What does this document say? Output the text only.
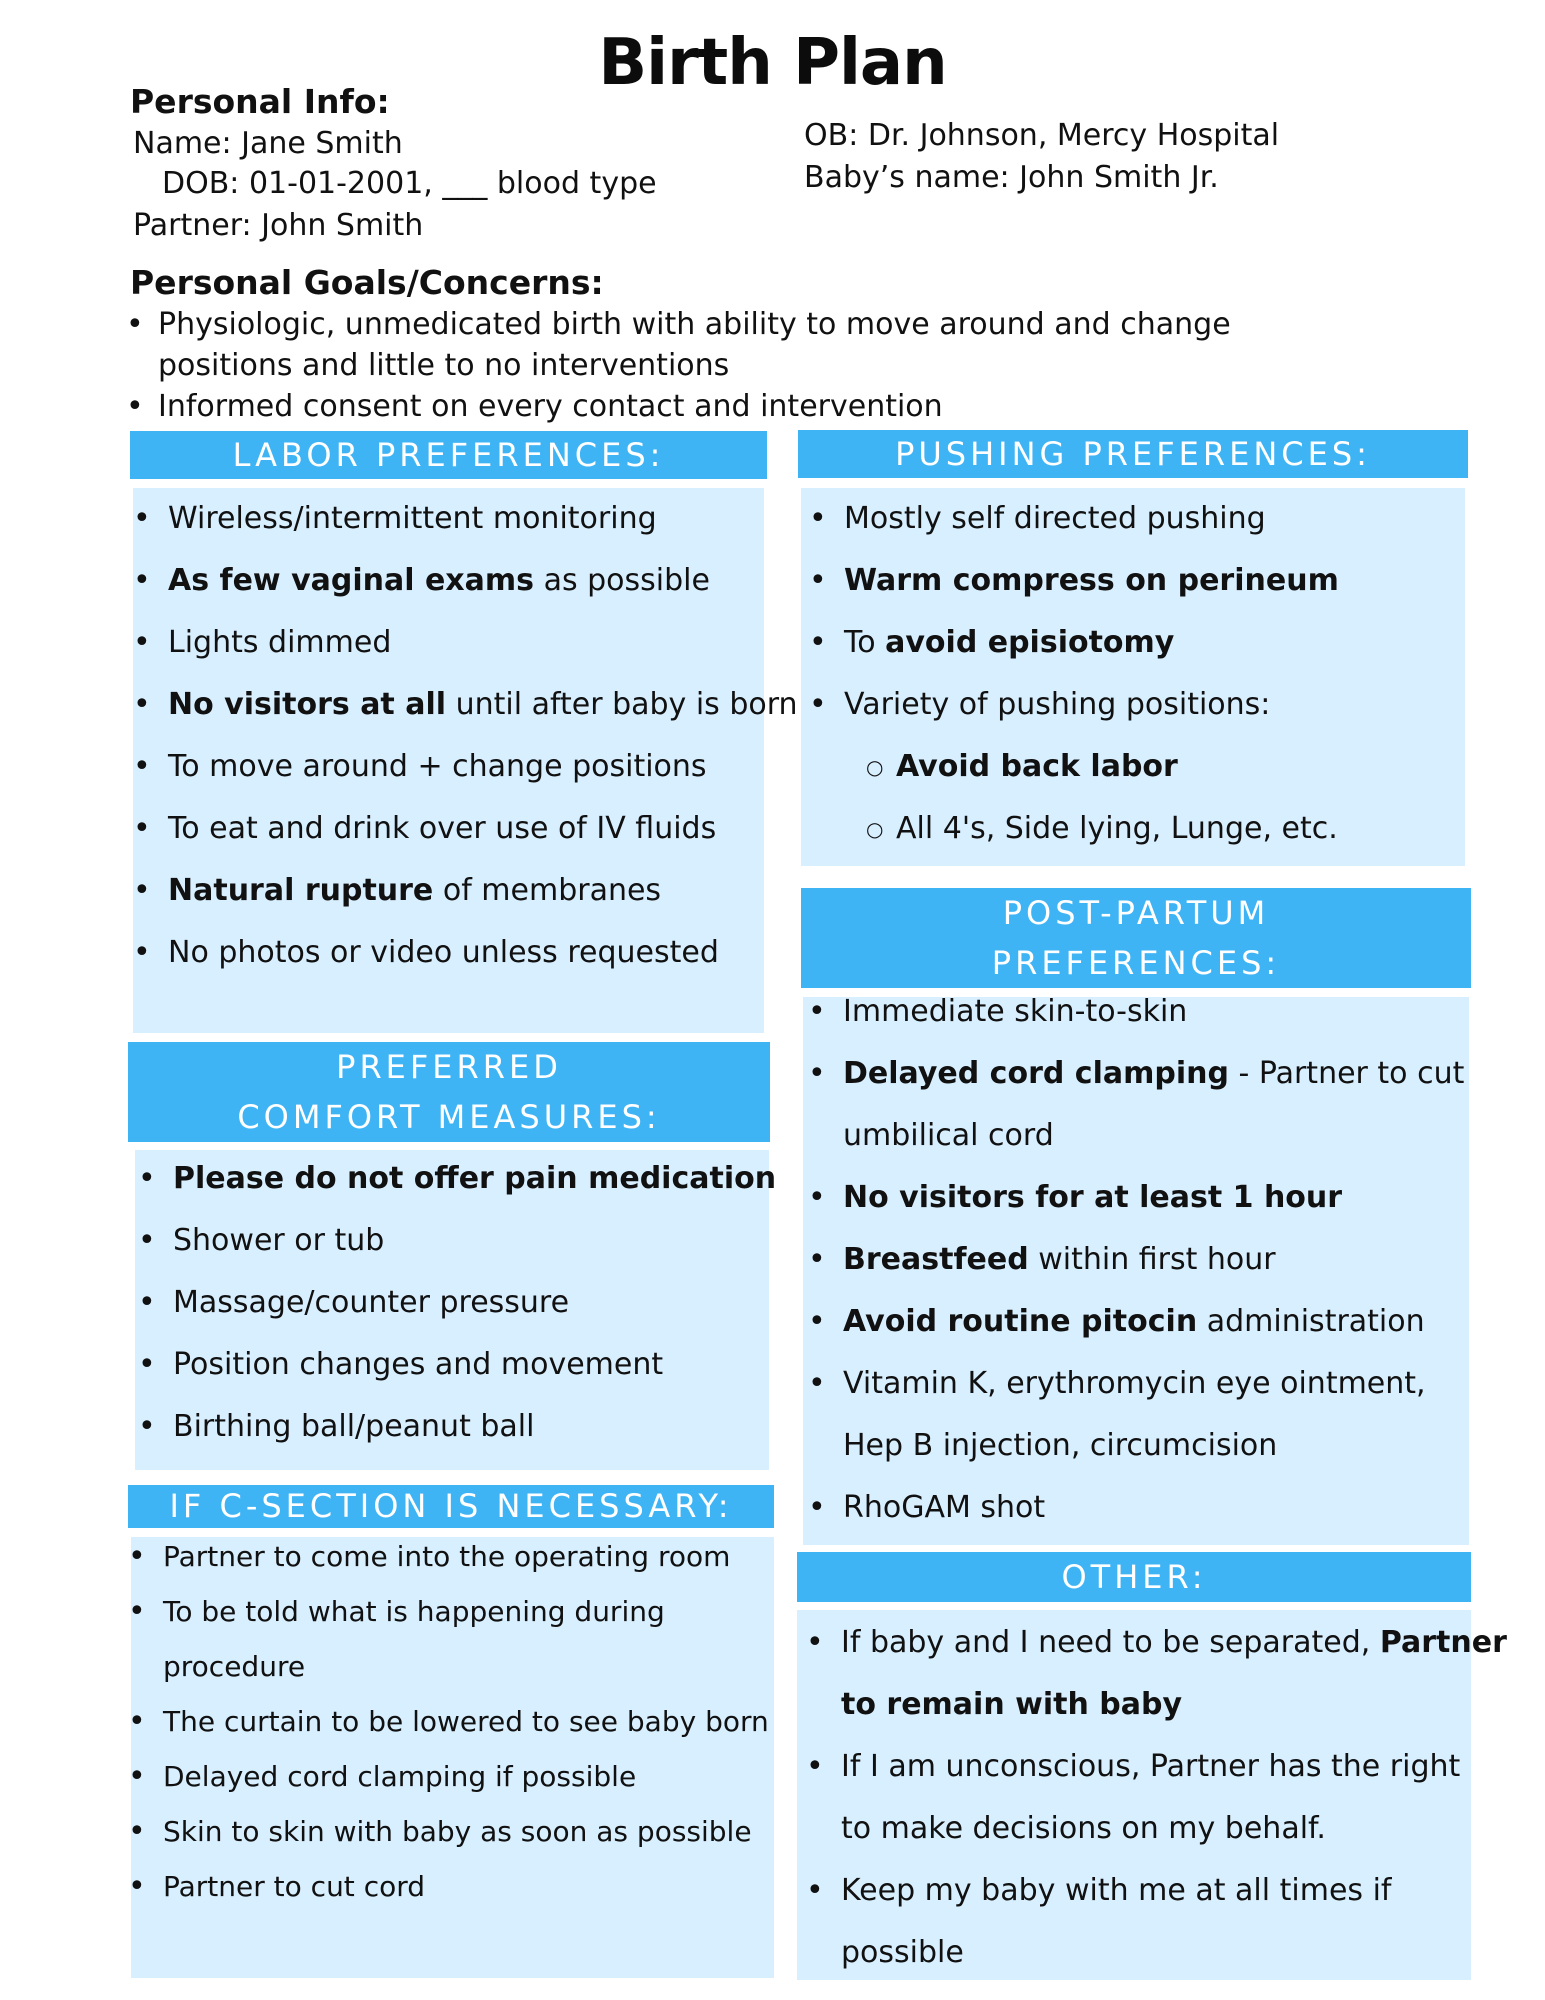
Birth Plan
Personal Info:
Name: Jane Smith
DOB: 01-01-2001, ___ blood type
Partner: John Smith
OB: Dr. Johnson, Mercy Hospital
Baby’s name: John Smith Jr.
Personal Goals/Concerns:
• Physiologic, unmedicated birth with ability to move around and change positions and little to no interventions
• Informed consent on every contact and intervention
LABOR PREFERENCES:
• Wireless/intermittent monitoring
• As few vaginal exams as possible
• Lights dimmed
• No visitors at all until after baby is born
• To move around + change positions
• To eat and drink over use of IV fluids
• Natural rupture of membranes
• No photos or video unless requested
PREFERRED
COMFORT MEASURES:
• Please do not offer pain medication
• Shower or tub
• Massage/counter pressure
• Position changes and movement
• Birthing ball/peanut ball
IF C-SECTION IS NECESSARY:
• Partner to come into the operating room
• To be told what is happening during
procedure
• The curtain to be lowered to see baby born
• Delayed cord clamping if possible
• Skin to skin with baby as soon as possible
• Partner to cut cord
PUSHING PREFERENCES:
• Mostly self directed pushing
• Warm compress on perineum
• To avoid episiotomy
• Variety of pushing positions:
○ Avoid back labor
○ All 4's, Side lying, Lunge, etc.
POST-PARTUM
PREFERENCES:
• Immediate skin-to-skin
• Delayed cord clamping - Partner to cut
umbilical cord
• No visitors for at least 1 hour
• Breastfeed within first hour
• Avoid routine pitocin administration
• Vitamin K, erythromycin eye ointment,
Hep B injection, circumcision
• RhoGAM shot
OTHER:
• If baby and I need to be separated, Partner
to remain with baby
• If I am unconscious, Partner has the right
to make decisions on my behalf.
• Keep my baby with me at all times if
possible
